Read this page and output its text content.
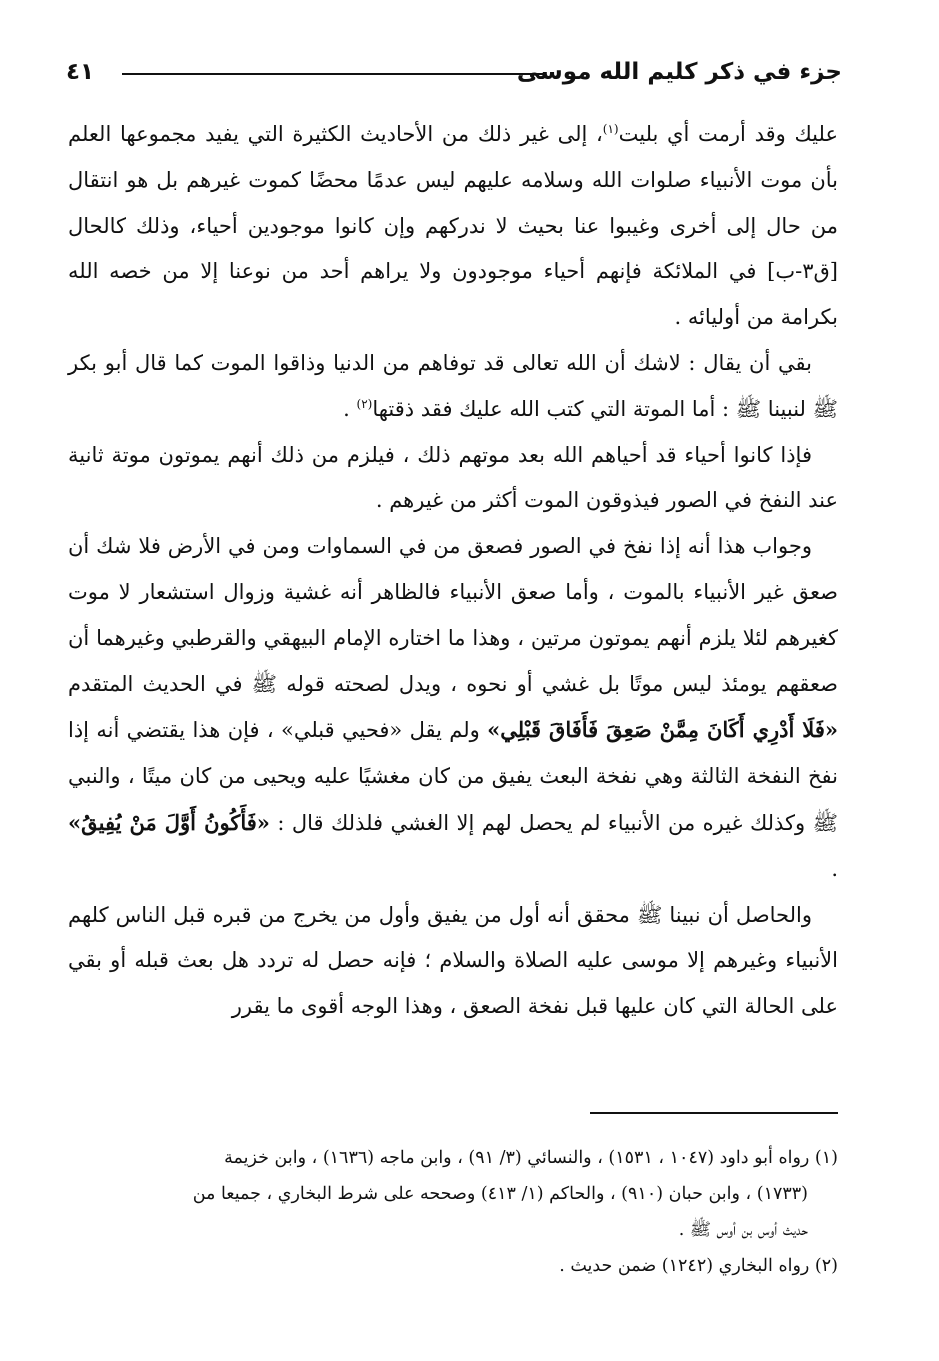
جزء في ذكر كليم الله موسى
٤١

عليك وقد أرمت أي بليت$^{(١)}$، إلى غير ذلك من الأحاديث الكثيرة التي يفيد مجموعها العلم بأن موت الأنبياء صلوات الله وسلامه عليهم ليس عدمًا محضًا كموت غيرهم بل هو انتقال من حال إلى أخرى وغيبوا عنا بحيث لا ندركهم وإن كانوا موجودين أحياء، وذلك كالحال [ق٣-ب] في الملائكة فإنهم أحياء موجودون ولا يراهم أحد من نوعنا إلا من خصه الله بكرامة من أوليائه .

بقي أن يقال : لاشك أن الله تعالى قد توفاهم من الدنيا وذاقوا الموت كما قال أبو بكر ﷺ لنبينا ﷺ : أما الموتة التي كتب الله عليك فقد ذقتها$^{(٢)}$ .

فإذا كانوا أحياء قد أحياهم الله بعد موتهم ذلك ، فيلزم من ذلك أنهم يموتون موتة ثانية عند النفخ في الصور فيذوقون الموت أكثر من غيرهم .

وجواب هذا أنه إذا نفخ في الصور فصعق من في السماوات ومن في الأرض فلا شك أن صعق غير الأنبياء بالموت ، وأما صعق الأنبياء فالظاهر أنه غشية وزوال استشعار لا موت كغيرهم لئلا يلزم أنهم يموتون مرتين ، وهذا ما اختاره الإمام البيهقي والقرطبي وغيرهما أن صعقهم يومئذ ليس موتًا بل غشي أو نحوه ، ويدل لصحته قوله ﷺ في الحديث المتقدم «فَلَا أَدْرِي أَكَانَ مِمَّنْ صَعِقَ فَأَفَاقَ قَبْلِي» ولم يقل «فحيي قبلي» ، فإن هذا يقتضي أنه إذا نفخ النفخة الثالثة وهي نفخة البعث يفيق من كان مغشيًا عليه ويحيى من كان ميتًا ، والنبي ﷺ وكذلك غيره من الأنبياء لم يحصل لهم إلا الغشي فلذلك قال : «فَأَكُونُ أَوَّلَ مَنْ يُفِيقُ» .

والحاصل أن نبينا ﷺ محقق أنه أول من يفيق وأول من يخرج من قبره قبل الناس كلهم الأنبياء وغيرهم إلا موسى عليه الصلاة والسلام ؛ فإنه حصل له تردد هل بعث قبله أو بقي على الحالة التي كان عليها قبل نفخة الصعق ، وهذا الوجه أقوى ما يقرر

(١) رواه أبو داود (١٠٤٧ ، ١٥٣١) ، والنسائي (٣/ ٩١) ، وابن ماجه (١٦٣٦) ، وابن خزيمة

(١٧٣٣) ، وابن حبان (٩١٠) ، والحاكم (١/ ٤١٣) وصححه على شرط البخاري ، جميعا من

حديث أوس بن أوس ﷺ .

(٢) رواه البخاري (١٢٤٢) ضمن حديث .
